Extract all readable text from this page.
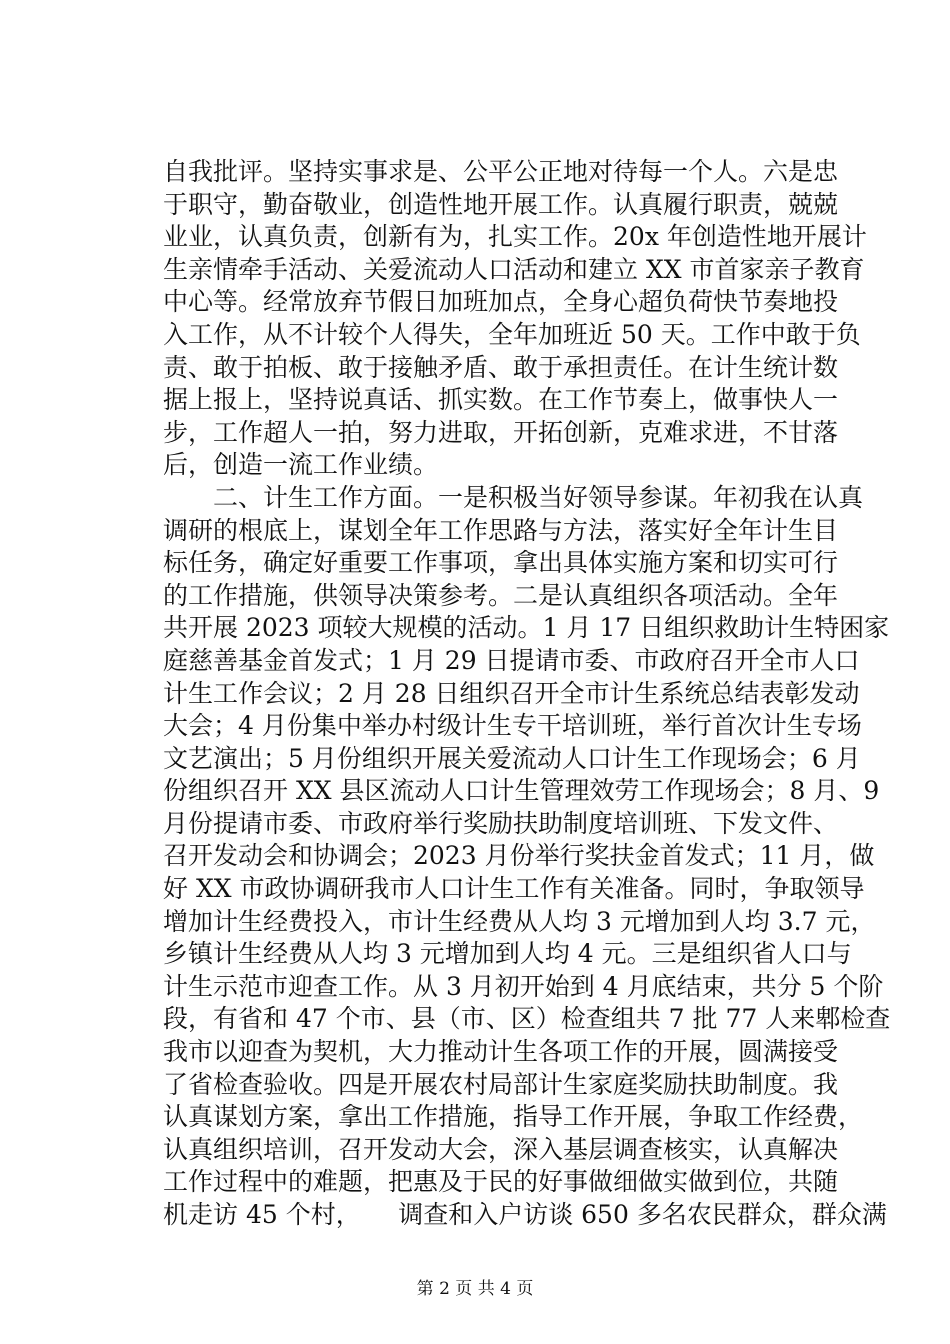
自我批评。坚持实事求是、公平公正地对待每一个人。六是忠
于职守，勤奋敬业，创造性地开展工作。认真履行职责，兢兢
业业，认真负责，创新有为，扎实工作。20x 年创造性地开展计
生亲情牵手活动、关爱流动人口活动和建立 XX 市首家亲子教育
中心等。经常放弃节假日加班加点，全身心超负荷快节奏地投
入工作，从不计较个人得失，全年加班近 50 天。工作中敢于负
责、敢于拍板、敢于接触矛盾、敢于承担责任。在计生统计数
据上报上，坚持说真话、抓实数。在工作节奏上，做事快人一
步，工作超人一拍，努力进取，开拓创新，克难求进，不甘落
后，创造一流工作业绩。
　　二、计生工作方面。一是积极当好领导参谋。年初我在认真
调研的根底上，谋划全年工作思路与方法，落实好全年计生目
标任务，确定好重要工作事项，拿出具体实施方案和切实可行
的工作措施，供领导决策参考。二是认真组织各项活动。全年
共开展 2023 项较大规模的活动。1 月 17 日组织救助计生特困家
庭慈善基金首发式；1 月 29 日提请市委、市政府召开全市人口
计生工作会议；2 月 28 日组织召开全市计生系统总结表彰发动
大会；4 月份集中举办村级计生专干培训班，举行首次计生专场
文艺演出；5 月份组织开展关爱流动人口计生工作现场会；6 月
份组织召开 XX 县区流动人口计生管理效劳工作现场会；8 月、9
月份提请市委、市政府举行奖励扶助制度培训班、下发文件、
召开发动会和协调会；2023 月份举行奖扶金首发式；11 月，做
好 XX 市政协调研我市人口计生工作有关准备。同时，争取领导
增加计生经费投入，市计生经费从人均 3 元增加到人均 3.7 元，
乡镇计生经费从人均 3 元增加到人均 4 元。三是组织省人口与
计生示范市迎查工作。从 3 月初开始到 4 月底结束，共分 5 个阶
段，有省和 47 个市、县（市、区）检查组共 7 批 77 人来郫检查
我市以迎查为契机，大力推动计生各项工作的开展，圆满接受
了省检查验收。四是开展农村局部计生家庭奖励扶助制度。我
认真谋划方案，拿出工作措施，指导工作开展，争取工作经费，
认真组织培训，召开发动大会，深入基层调查核实，认真解决
工作过程中的难题，把惠及于民的好事做细做实做到位，共随
机走访 45 个村，　　调查和入户访谈 650 多名农民群众，群众满
第 2 页 共 4 页
